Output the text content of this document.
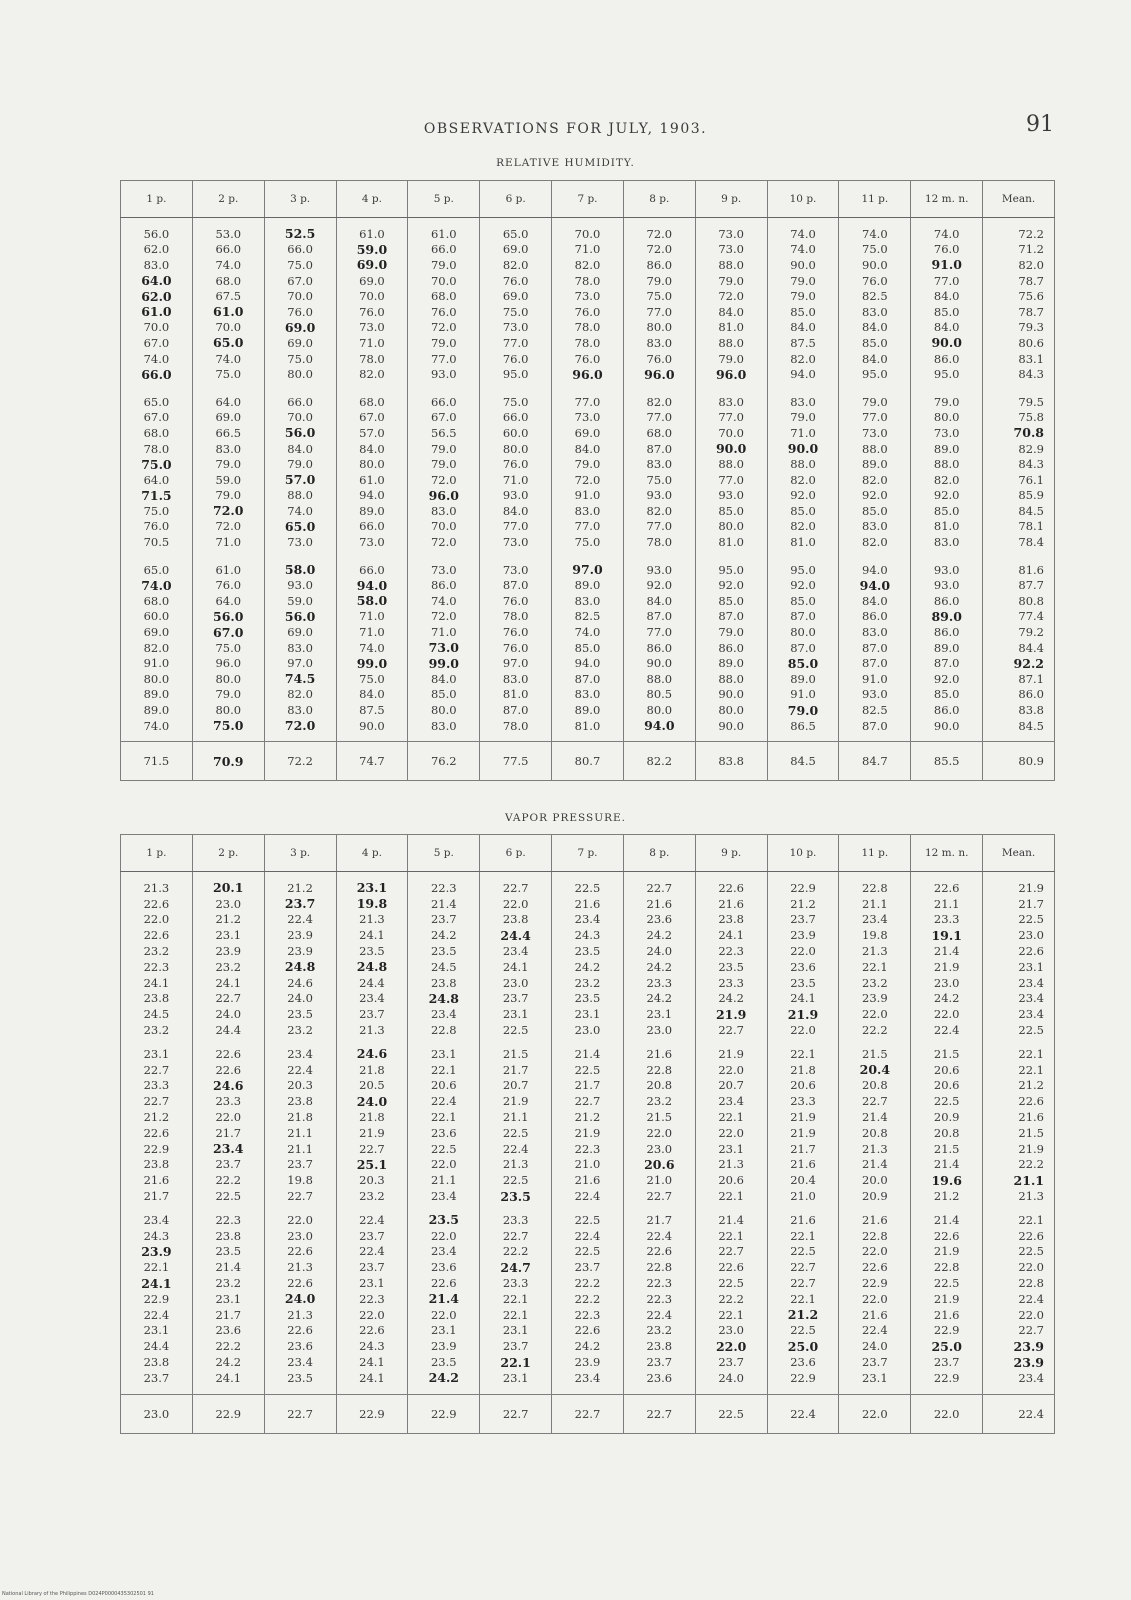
OBSERVATIONS FOR JULY, 1903.	91
RELATIVE HUMIDITY.
1 p.	2 p.	3 p.	4 p.	5 p.	6 p.	7 p.	8 p.	9 p.	10 p.	11 p.	12 m. n.	Mean.

56.0	53.0	52.5	61.0	61.0	65.0	70.0	72.0	73.0	74.0	74.0	74.0	72.2
62.0	66.0	66.0	59.0	66.0	69.0	71.0	72.0	73.0	74.0	75.0	76.0	71.2
83.0	74.0	75.0	69.0	79.0	82.0	82.0	86.0	88.0	90.0	90.0	91.0	82.0
64.0	68.0	67.0	69.0	70.0	76.0	78.0	79.0	79.0	79.0	76.0	77.0	78.7
62.0	67.5	70.0	70.0	68.0	69.0	73.0	75.0	72.0	79.0	82.5	84.0	75.6
61.0	61.0	76.0	76.0	76.0	75.0	76.0	77.0	84.0	85.0	83.0	85.0	78.7
70.0	70.0	69.0	73.0	72.0	73.0	78.0	80.0	81.0	84.0	84.0	84.0	79.3
67.0	65.0	69.0	71.0	79.0	77.0	78.0	83.0	88.0	87.5	85.0	90.0	80.6
74.0	74.0	75.0	78.0	77.0	76.0	76.0	76.0	79.0	82.0	84.0	86.0	83.1
66.0	75.0	80.0	82.0	93.0	95.0	96.0	96.0	96.0	94.0	95.0	95.0	84.3

65.0	64.0	66.0	68.0	66.0	75.0	77.0	82.0	83.0	83.0	79.0	79.0	79.5
67.0	69.0	70.0	67.0	67.0	66.0	73.0	77.0	77.0	79.0	77.0	80.0	75.8
68.0	66.5	56.0	57.0	56.5	60.0	69.0	68.0	70.0	71.0	73.0	73.0	70.8
78.0	83.0	84.0	84.0	79.0	80.0	84.0	87.0	90.0	90.0	88.0	89.0	82.9
75.0	79.0	79.0	80.0	79.0	76.0	79.0	83.0	88.0	88.0	89.0	88.0	84.3
64.0	59.0	57.0	61.0	72.0	71.0	72.0	75.0	77.0	82.0	82.0	82.0	76.1
71.5	79.0	88.0	94.0	96.0	93.0	91.0	93.0	93.0	92.0	92.0	92.0	85.9
75.0	72.0	74.0	89.0	83.0	84.0	83.0	82.0	85.0	85.0	85.0	85.0	84.5
76.0	72.0	65.0	66.0	70.0	77.0	77.0	77.0	80.0	82.0	83.0	81.0	78.1
70.5	71.0	73.0	73.0	72.0	73.0	75.0	78.0	81.0	81.0	82.0	83.0	78.4

65.0	61.0	58.0	66.0	73.0	73.0	97.0	93.0	95.0	95.0	94.0	93.0	81.6
74.0	76.0	93.0	94.0	86.0	87.0	89.0	92.0	92.0	92.0	94.0	93.0	87.7
68.0	64.0	59.0	58.0	74.0	76.0	83.0	84.0	85.0	85.0	84.0	86.0	80.8
60.0	56.0	56.0	71.0	72.0	78.0	82.5	87.0	87.0	87.0	86.0	89.0	77.4
69.0	67.0	69.0	71.0	71.0	76.0	74.0	77.0	79.0	80.0	83.0	86.0	79.2
82.0	75.0	83.0	74.0	73.0	76.0	85.0	86.0	86.0	87.0	87.0	89.0	84.4
91.0	96.0	97.0	99.0	99.0	97.0	94.0	90.0	89.0	85.0	87.0	87.0	92.2
80.0	80.0	74.5	75.0	84.0	83.0	87.0	88.0	88.0	89.0	91.0	92.0	87.1
89.0	79.0	82.0	84.0	85.0	81.0	83.0	80.5	90.0	91.0	93.0	85.0	86.0
89.0	80.0	83.0	87.5	80.0	87.0	89.0	80.0	80.0	79.0	82.5	86.0	83.8
74.0	75.0	72.0	90.0	83.0	78.0	81.0	94.0	90.0	86.5	87.0	90.0	84.5

71.5	70.9	72.2	74.7	76.2	77.5	80.7	82.2	83.8	84.5	84.7	85.5	80.9
VAPOR PRESSURE.
1 p.	2 p.	3 p.	4 p.	5 p.	6 p.	7 p.	8 p.	9 p.	10 p.	11 p.	12 m. n.	Mean.

21.3	20.1	21.2	23.1	22.3	22.7	22.5	22.7	22.6	22.9	22.8	22.6	21.9
22.6	23.0	23.7	19.8	21.4	22.0	21.6	21.6	21.6	21.2	21.1	21.1	21.7
22.0	21.2	22.4	21.3	23.7	23.8	23.4	23.6	23.8	23.7	23.4	23.3	22.5
22.6	23.1	23.9	24.1	24.2	24.4	24.3	24.2	24.1	23.9	19.8	19.1	23.0
23.2	23.9	23.9	23.5	23.5	23.4	23.5	24.0	22.3	22.0	21.3	21.4	22.6
22.3	23.2	24.8	24.8	24.5	24.1	24.2	24.2	23.5	23.6	22.1	21.9	23.1
24.1	24.1	24.6	24.4	23.8	23.0	23.2	23.3	23.3	23.5	23.2	23.0	23.4
23.8	22.7	24.0	23.4	24.8	23.7	23.5	24.2	24.2	24.1	23.9	24.2	23.4
24.5	24.0	23.5	23.7	23.4	23.1	23.1	23.1	21.9	21.9	22.0	22.0	23.4
23.2	24.4	23.2	21.3	22.8	22.5	23.0	23.0	22.7	22.0	22.2	22.4	22.5

23.1	22.6	23.4	24.6	23.1	21.5	21.4	21.6	21.9	22.1	21.5	21.5	22.1
22.7	22.6	22.4	21.8	22.1	21.7	22.5	22.8	22.0	21.8	20.4	20.6	22.1
23.3	24.6	20.3	20.5	20.6	20.7	21.7	20.8	20.7	20.6	20.8	20.6	21.2
22.7	23.3	23.8	24.0	22.4	21.9	22.7	23.2	23.4	23.3	22.7	22.5	22.6
21.2	22.0	21.8	21.8	22.1	21.1	21.2	21.5	22.1	21.9	21.4	20.9	21.6
22.6	21.7	21.1	21.9	23.6	22.5	21.9	22.0	22.0	21.9	20.8	20.8	21.5
22.9	23.4	21.1	22.7	22.5	22.4	22.3	23.0	23.1	21.7	21.3	21.5	21.9
23.8	23.7	23.7	25.1	22.0	21.3	21.0	20.6	21.3	21.6	21.4	21.4	22.2
21.6	22.2	19.8	20.3	21.1	22.5	21.6	21.0	20.6	20.4	20.0	19.6	21.1
21.7	22.5	22.7	23.2	23.4	23.5	22.4	22.7	22.1	21.0	20.9	21.2	21.3

23.4	22.3	22.0	22.4	23.5	23.3	22.5	21.7	21.4	21.6	21.6	21.4	22.1
24.3	23.8	23.0	23.7	22.0	22.7	22.4	22.4	22.1	22.1	22.8	22.6	22.6
23.9	23.5	22.6	22.4	23.4	22.2	22.5	22.6	22.7	22.5	22.0	21.9	22.5
22.1	21.4	21.3	23.7	23.6	24.7	23.7	22.8	22.6	22.7	22.6	22.8	22.0
24.1	23.2	22.6	23.1	22.6	23.3	22.2	22.3	22.5	22.7	22.9	22.5	22.8
22.9	23.1	24.0	22.3	21.4	22.1	22.2	22.3	22.2	22.1	22.0	21.9	22.4
22.4	21.7	21.3	22.0	22.0	22.1	22.3	22.4	22.1	21.2	21.6	21.6	22.0
23.1	23.6	22.6	22.6	23.1	23.1	22.6	23.2	23.0	22.5	22.4	22.9	22.7
24.4	22.2	23.6	24.3	23.9	23.7	24.2	23.8	22.0	25.0	24.0	25.0	23.9
23.8	24.2	23.4	24.1	23.5	22.1	23.9	23.7	23.7	23.6	23.7	23.7	23.9
23.7	24.1	23.5	24.1	24.2	23.1	23.4	23.6	24.0	22.9	23.1	22.9	23.4

23.0	22.9	22.7	22.9	22.9	22.7	22.7	22.7	22.5	22.4	22.0	22.0	22.4
National Library of the Philippines D024P0000435302501 91
